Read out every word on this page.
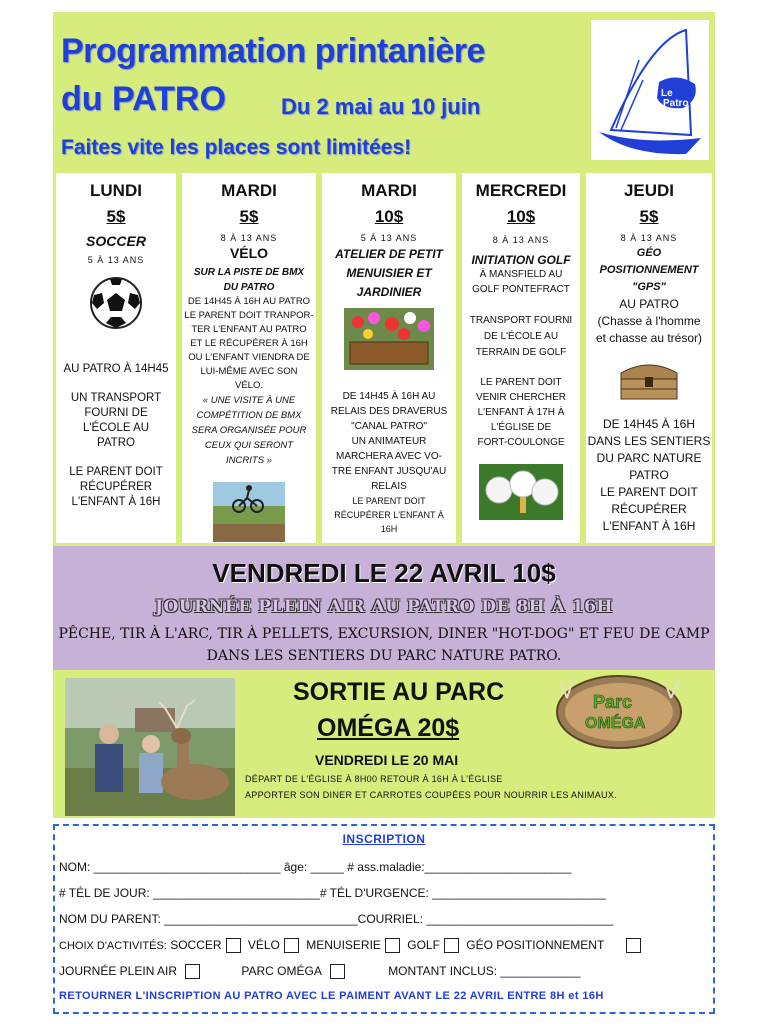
Programmation printanière
du PATRO	Du 2 mai au 10 juin
Faites vite les places sont limitées!
Le
Patro
LUNDI
5$
SOCCER
5 À 13 ANS
AU PATRO À 14H45
UN TRANSPORT
FOURNI DE
L'ÉCOLE AU
PATRO
LE PARENT DOIT
RÉCUPÉRER
L'ENFANT À 16H
MARDI
5$
8 À 13 ANS
VÉLO
SUR LA PISTE DE BMX
DU PATRO
DE 14H45 À 16H AU PATRO
LE PARENT DOIT TRANPOR-
TER L'ENFANT AU PATRO
ET LE RÉCUPÉRER À 16H
OU L'ENFANT VIENDRA DE
LUI-MÊME AVEC SON
VÉLO.
« UNE VISITE À UNE
COMPÉTITION DE BMX
SERA ORGANISÉE POUR
CEUX QUI SERONT
INCRITS »
MARDI
10$
5 À 13 ANS
ATELIER DE PETIT
MENUISIER ET
JARDINIER
DE 14H45 À 16H AU
RELAIS DES DRAVERUS
"CANAL PATRO"
UN ANIMATEUR
MARCHERA AVEC VO-
TRE ENFANT JUSQU'AU
RELAIS
LE PARENT DOIT
RÉCUPÉRER L'ENFANT À
16H
MERCREDI
10$
8 À 13 ANS
INITIATION GOLF
À MANSFIELD AU
GOLF PONTEFRACT
TRANSPORT FOURNI
DE L'ÉCOLE AU
TERRAIN DE GOLF
LE PARENT DOIT
VENIR CHERCHER
L'ENFANT À 17H À
L'ÉGLISE DE
FORT-COULONGE
JEUDI
5$
8 À 13 ANS
GÉO
POSITIONNEMENT
"GPS"
AU PATRO
(Chasse à l'homme
et chasse au trésor)
DE 14H45 À 16H
DANS LES SENTIERS
DU PARC NATURE
PATRO
LE PARENT DOIT
RÉCUPÉRER
L'ENFANT À 16H
VENDREDI LE 22 AVRIL 10$
JOURNÉE PLEIN AIR AU PATRO DE 8H À 16H
PÊCHE, TIR À L'ARC, TIR À PELLETS, EXCURSION, DINER "HOT-DOG" ET FEU DE CAMP
DANS LES SENTIERS DU PARC NATURE PATRO.
SORTIE AU PARC
OMÉGA 20$
VENDREDI LE 20 MAI
DÉPART DE L'ÉGLISE À 8H00 RETOUR À 16H À L'ÉGLISE
APPORTER SON DINER ET CARROTES COUPÉES POUR NOURRIR LES ANIMAUX.
Parc
OMÉGA
INSCRIPTION
NOM: ____________________________ âge: _____ # ass.maladie:______________________
# TÉL DE JOUR: _________________________# TÉL D'URGENCE: __________________________
NOM DU PARENT: _____________________________COURRIEL: ____________________________
CHOIX D'ACTIVITÉS: SOCCER VÉLO MENUISERIE GOLF GÉO POSITIONNEMENT
JOURNÉE PLEIN AIR	PARC OMÉGA	MONTANT INCLUS: ____________
RETOURNER L'INSCRIPTION AU PATRO AVEC LE PAIMENT AVANT LE 22 AVRIL ENTRE 8H et 16H
